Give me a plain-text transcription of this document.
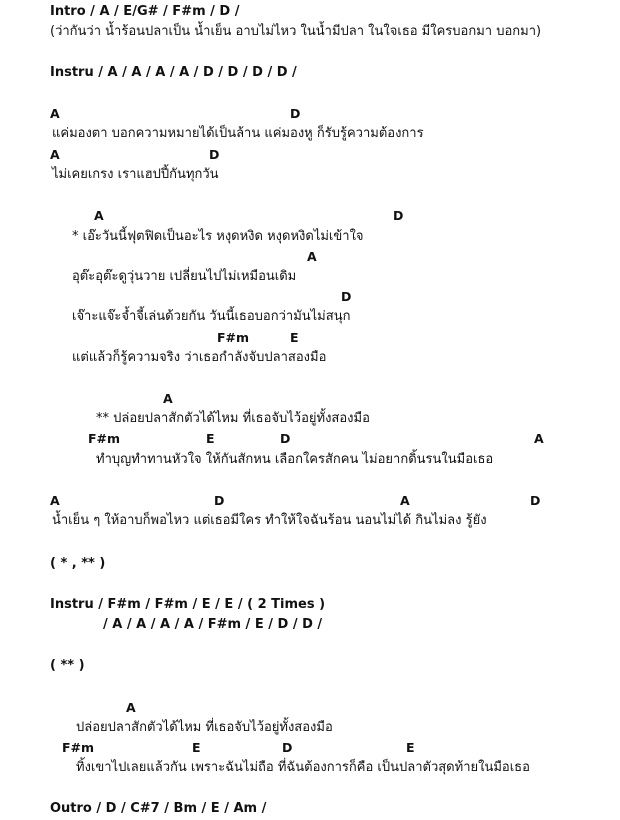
Intro / A / E/G# / F#m / D /
(ว่ากันว่า น้ำร้อนปลาเป็น น้ำเย็น อาบไม่ไหว ในน้ำมีปลา ในใจเธอ มีใครบอกมา บอกมา)
Instru / A / A / A / A / D / D / D / D /
A	D
แค่มองตา บอกความหมายได้เป็นล้าน แค่มองหู ก็รับรู้ความต้องการ
A	D
ไม่เคยเกรง เราแฮปปี้กันทุกวัน
A	D
* เอ๊ะวันนี้ฟุตฟิดเป็นอะไร หงุดหงิด หงุดหงิดไม่เข้าใจ
A
อุต๊ะอุต๊ะดูวุ่นวาย เปลี่ยนไปไม่เหมือนเดิม
D
เจ๊าะแจ๊ะจ้ำจี้เล่นด้วยกัน วันนี้เธอบอกว่ามันไม่สนุก
F#m	E
แต่แล้วก็รู้ความจริง ว่าเธอกำลังจับปลาสองมือ
A
** ปล่อยปลาสักตัวได้ไหม ที่เธอจับไว้อยู่ทั้งสองมือ
F#m	E	D	A
ทำบุญทำทานหัวใจ ให้กันสักหน เลือกใครสักคน ไม่อยากดิ้นรนในมือเธอ
A	D	A	D
น้ำเย็น ๆ ให้อาบก็พอไหว แต่เธอมีใคร ทำให้ใจฉันร้อน นอนไม่ได้ กินไม่ลง รู้ยัง
( * , ** )
Instru / F#m / F#m / E / E / ( 2 Times )
/ A / A / A / A / F#m / E / D / D /
( ** )
A
ปล่อยปลาสักตัวได้ไหม ที่เธอจับไว้อยู่ทั้งสองมือ
F#m	E	D	E
ทิ้งเขาไปเลยแล้วกัน เพราะฉันไม่ถือ ที่ฉันต้องการก็คือ เป็นปลาตัวสุดท้ายในมือเธอ
Outro / D / C#7 / Bm / E / Am /
